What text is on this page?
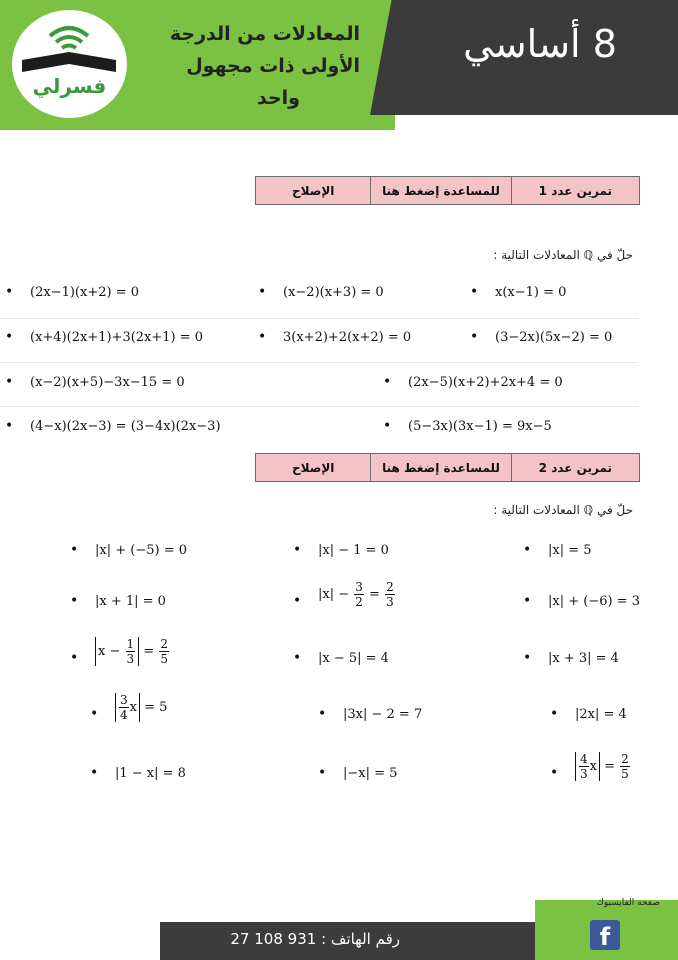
فسرلي
المعادلات من الدرجة
الأولى ذات مجهول
واحد
8 أساسي
تمرين عدد 1
للمساعدة إضغط هنا
الإصلاح
حلّ في ℚ المعادلات التالية :
• (2x−1)(x+2) = 0	• (x−2)(x+3) = 0	• x(x−1) = 0
• (x+4)(2x+1)+3(2x+1) = 0	• 3(x+2)+2(x+2) = 0	• (3−2x)(5x−2) = 0
• (x−2)(x+5)−3x−15 = 0	• (2x−5)(x+2)+2x+4 = 0
• (4−x)(2x−3) = (3−4x)(2x−3)	• (5−3x)(3x−1) = 9x−5
تمرين عدد 2
للمساعدة إضغط هنا
الإصلاح
حلّ في ℚ المعادلات التالية :
• |x| + (−5) = 0	• |x| − 1 = 0	• |x| = 5
• |x + 1| = 0	• $|x| - \frac{3}{2} = \frac{2}{3}$	• |x| + (−6) = 3
• $x - \frac{1}{3} = \frac{2}{5}$	• |x − 5| = 4	• |x + 3| = 4
• $\frac{3}{4}$ x = 5	• |3x| − 2 = 7	• |2x| = 4
• |1 − x| = 8	• |−x| = 5	• $\frac{4}{3}$ $x = \frac{2}{5}$
رقم الهاتف : 931 108 27
صفحة الفايسبوك
f
